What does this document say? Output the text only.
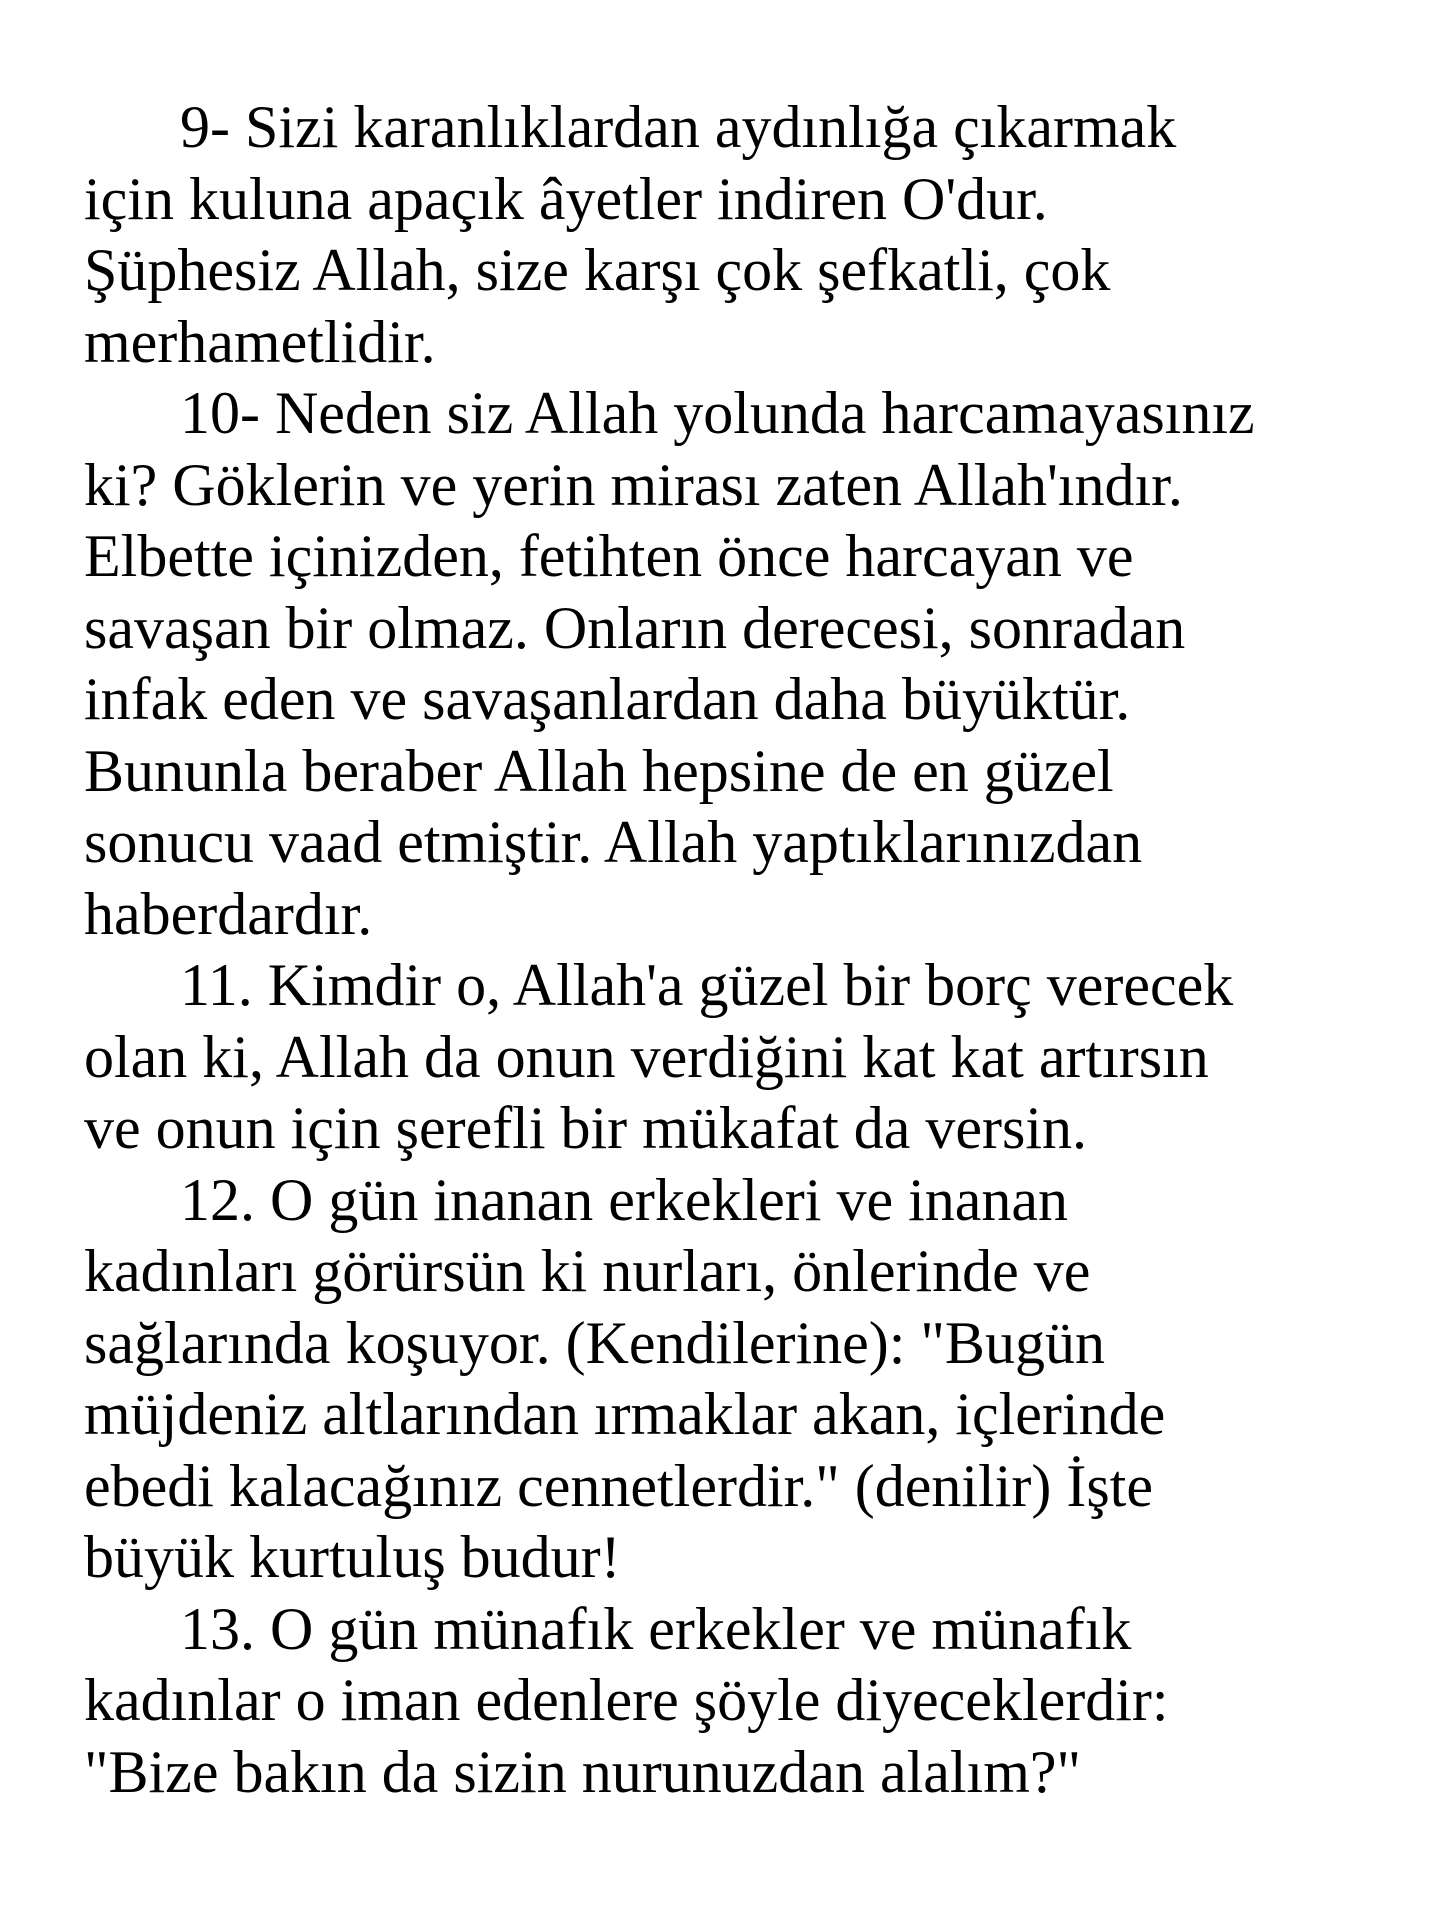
9- Sizi karanlıklardan aydınlığa çıkarmak
için kuluna apaçık âyetler indiren O'dur.
Şüphesiz Allah, size karşı çok şefkatli, çok
merhametlidir.
10- Neden siz Allah yolunda harcamayasınız
ki? Göklerin ve yerin mirası zaten Allah'ındır.
Elbette içinizden, fetihten önce harcayan ve
savaşan bir olmaz. Onların derecesi, sonradan
infak eden ve savaşanlardan daha büyüktür.
Bununla beraber Allah hepsine de en güzel
sonucu vaad etmiştir. Allah yaptıklarınızdan
haberdardır.
11. Kimdir o, Allah'a güzel bir borç verecek
olan ki, Allah da onun verdiğini kat kat artırsın
ve onun için şerefli bir mükafat da versin.
12. O gün inanan erkekleri ve inanan
kadınları görürsün ki nurları, önlerinde ve
sağlarında koşuyor. (Kendilerine): "Bugün
müjdeniz altlarından ırmaklar akan, içlerinde
ebedi kalacağınız cennetlerdir." (denilir) İşte
büyük kurtuluş budur!
13. O gün münafık erkekler ve münafık
kadınlar o iman edenlere şöyle diyeceklerdir:
"Bize bakın da sizin nurunuzdan alalım?"
